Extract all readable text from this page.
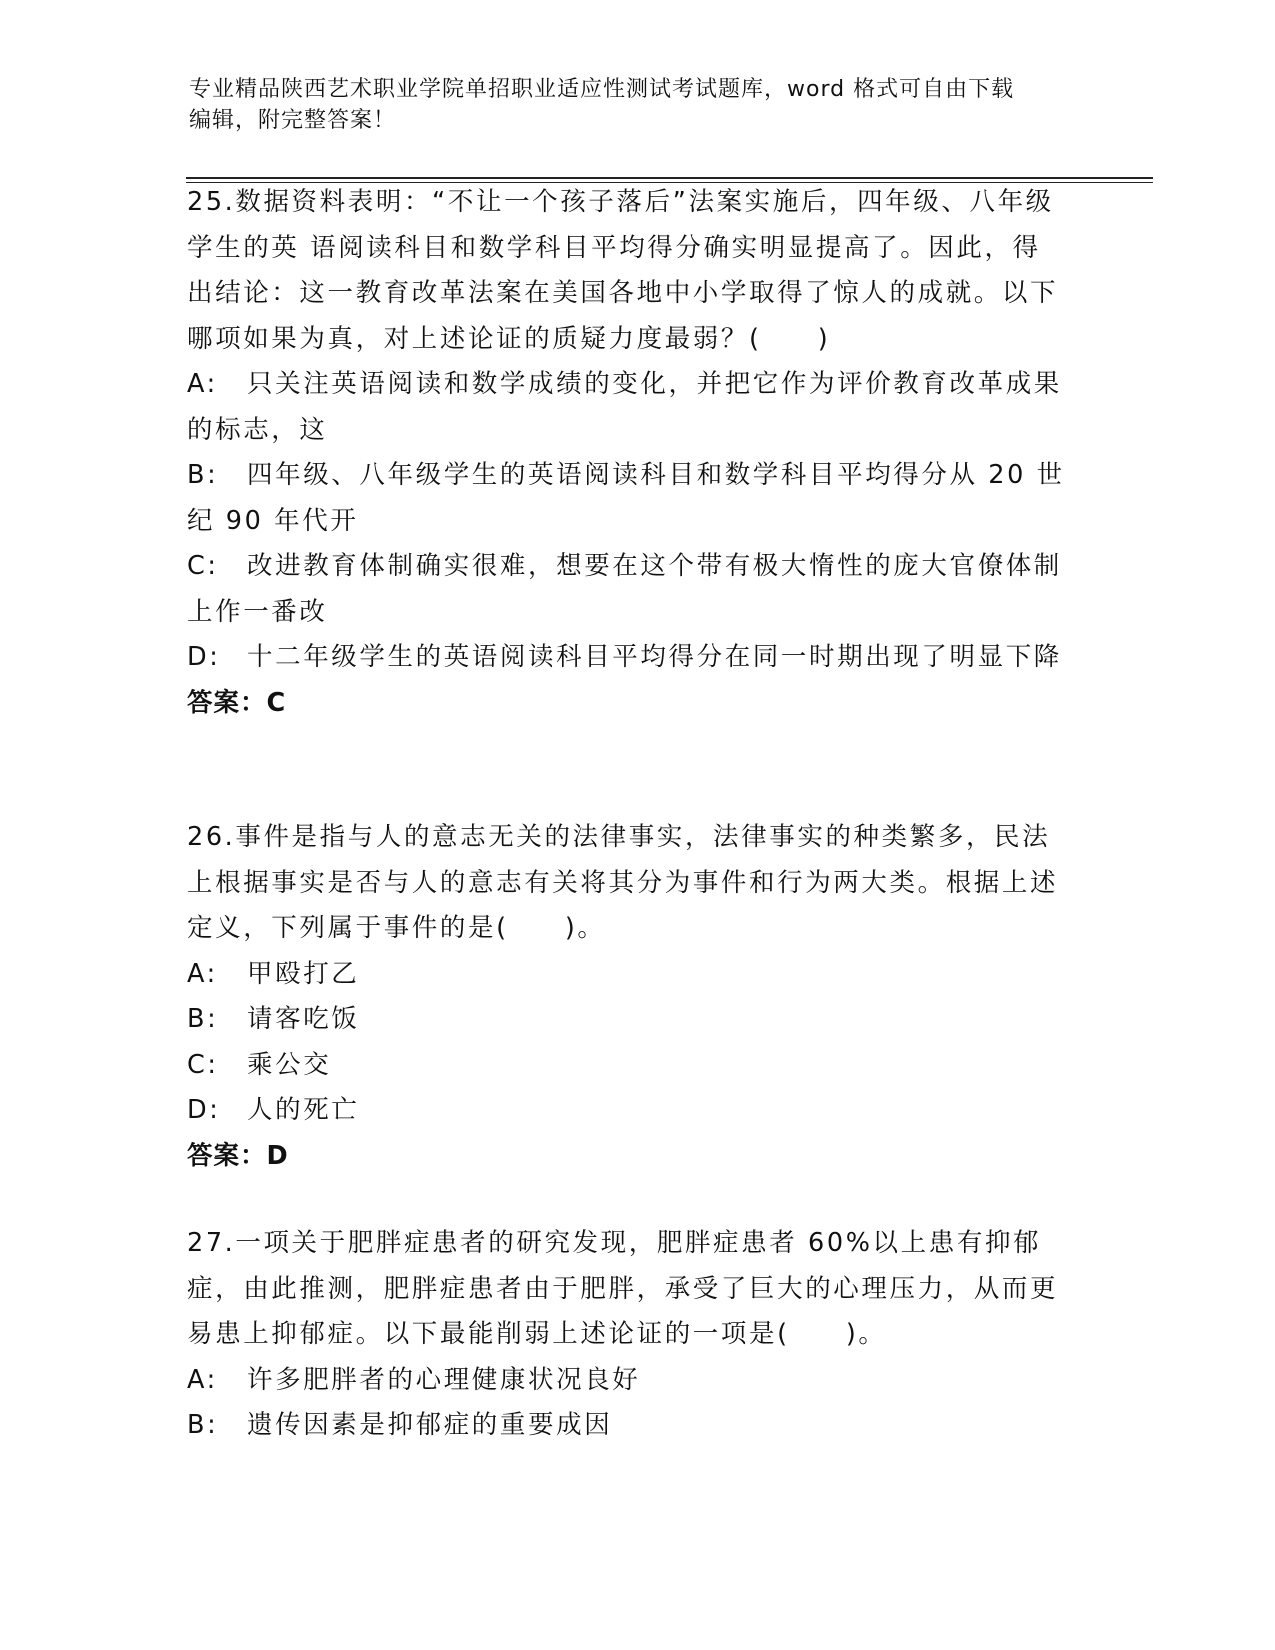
专业精品陕西艺术职业学院单招职业适应性测试考试题库，word 格式可自由下载
编辑，附完整答案！
25.数据资料表明：“不让一个孩子落后”法案实施后，四年级、八年级学生的英 语阅读科目和数学科目平均得分确实明显提高了。因此，得出结论：这一教育改革法案在美国各地中小学取得了惊人的成就。以下哪项如果为真，对上述论证的质疑力度最弱？(　　)
A: 只关注英语阅读和数学成绩的变化，并把它作为评价教育改革成果的标志，这
B: 四年级、八年级学生的英语阅读科目和数学科目平均得分从 20 世纪 90 年代开
C: 改进教育体制确实很难，想要在这个带有极大惰性的庞大官僚体制上作一番改
D: 十二年级学生的英语阅读科目平均得分在同一时期出现了明显下降
答案：C
26.事件是指与人的意志无关的法律事实，法律事实的种类繁多，民法上根据事实是否与人的意志有关将其分为事件和行为两大类。根据上述定义，下列属于事件的是(　　)。
A:	甲殴打乙
B:	请客吃饭
C:	乘公交
D:	人的死亡
答案：D
27.一项关于肥胖症患者的研究发现，肥胖症患者 60%以上患有抑郁症，由此推测，肥胖症患者由于肥胖，承受了巨大的心理压力，从而更易患上抑郁症。以下最能削弱上述论证的一项是(　　)。
A:	许多肥胖者的心理健康状况良好
B:	遗传因素是抑郁症的重要成因
